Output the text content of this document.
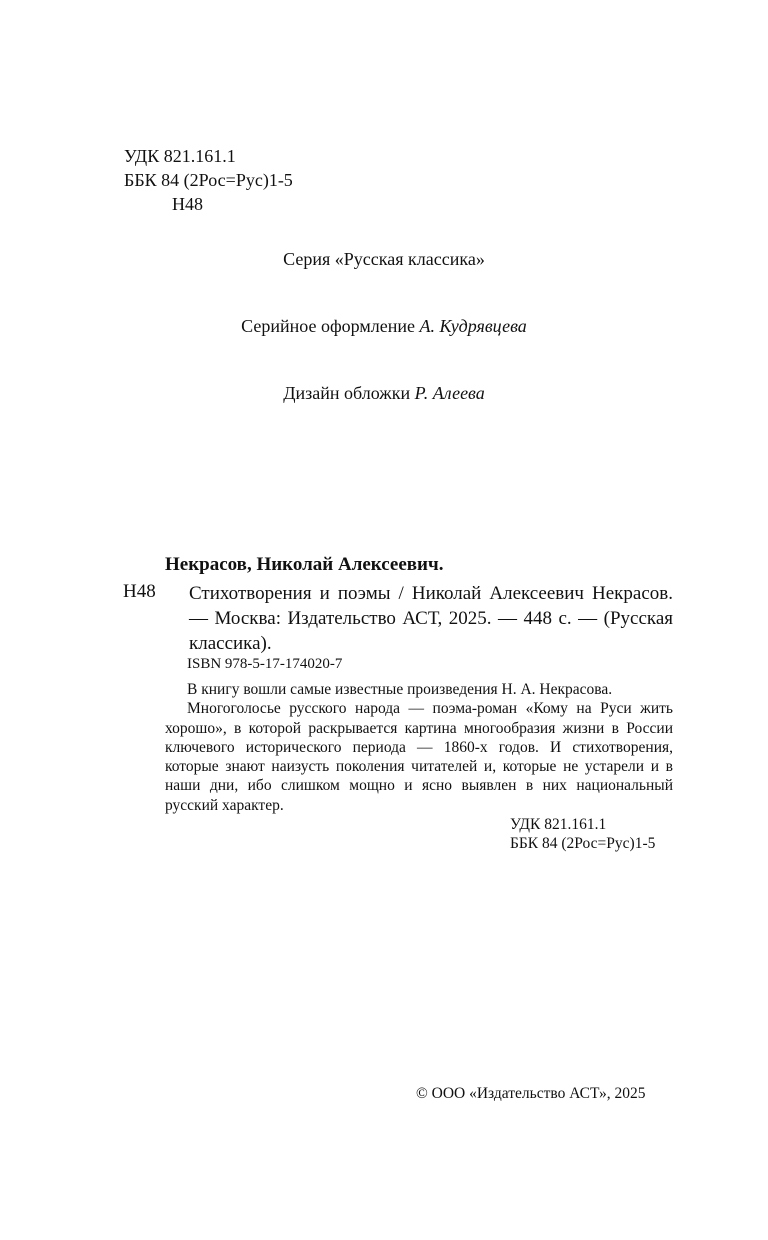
УДК 821.161.1
ББК 84 (2Рос=Рус)1-5
Н48
Серия «Русская классика»
Серийное оформление А. Кудрявцева
Дизайн обложки Р. Алеева
Некрасов, Николай Алексеевич.
Н48	Стихотворения и поэмы / Николай Алексеевич Некрасов. — Москва: Издательство АСТ, 2025. — 448 с. — (Русская классика).
ISBN 978-5-17-174020-7

В книгу вошли самые известные произведения Н. А. Некрасова.

Многоголосье русского народа — поэма-роман «Кому на Руси жить хорошо», в которой раскрывается картина многообразия жизни в России ключевого исторического периода — 1860-х годов. И стихотворения, которые знают наизусть поколения читателей и, которые не устарели и в наши дни, ибо слишком мощно и ясно выявлен в них национальный русский характер.

УДК 821.161.1
ББК 84 (2Рос=Рус)1-5
© ООО «Издательство АСТ», 2025
